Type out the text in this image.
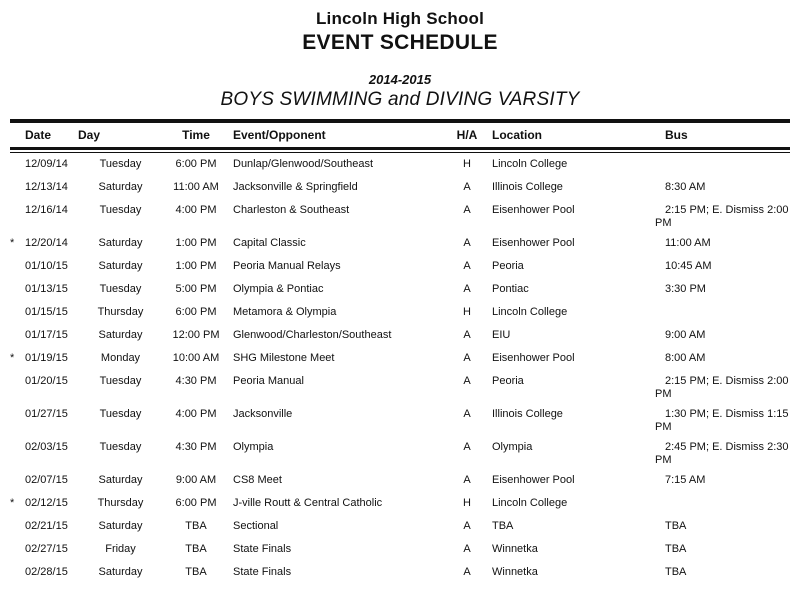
Lincoln High School
EVENT SCHEDULE
2014-2015
BOYS SWIMMING and DIVING VARSITY
Date	Day	Time	Event/Opponent	H/A	Location	Bus
12/09/14	Tuesday	6:00 PM	Dunlap/Glenwood/Southeast	H	Lincoln College
12/13/14	Saturday	11:00 AM	Jacksonville & Springfield	A	Illinois College	8:30 AM
12/16/14	Tuesday	4:00 PM	Charleston & Southeast	A	Eisenhower Pool	2:15 PM; E. Dismiss 2:00 PM
* 12/20/14	Saturday	1:00 PM	Capital Classic	A	Eisenhower Pool	11:00 AM
01/10/15	Saturday	1:00 PM	Peoria Manual Relays	A	Peoria	10:45 AM
01/13/15	Tuesday	5:00 PM	Olympia & Pontiac	A	Pontiac	3:30 PM
01/15/15	Thursday	6:00 PM	Metamora & Olympia	H	Lincoln College
01/17/15	Saturday	12:00 PM	Glenwood/Charleston/Southeast	A	EIU	9:00 AM
* 01/19/15	Monday	10:00 AM	SHG Milestone Meet	A	Eisenhower Pool	8:00 AM
01/20/15	Tuesday	4:30 PM	Peoria Manual	A	Peoria	2:15 PM; E. Dismiss 2:00 PM
01/27/15	Tuesday	4:00 PM	Jacksonville	A	Illinois College	1:30 PM; E. Dismiss 1:15 PM
02/03/15	Tuesday	4:30 PM	Olympia	A	Olympia	2:45 PM; E. Dismiss 2:30 PM
02/07/15	Saturday	9:00 AM	CS8 Meet	A	Eisenhower Pool	7:15 AM
* 02/12/15	Thursday	6:00 PM	J-ville Routt & Central Catholic	H	Lincoln College
02/21/15	Saturday	TBA	Sectional	A	TBA	TBA
02/27/15	Friday	TBA	State Finals	A	Winnetka	TBA
02/28/15	Saturday	TBA	State Finals	A	Winnetka	TBA
